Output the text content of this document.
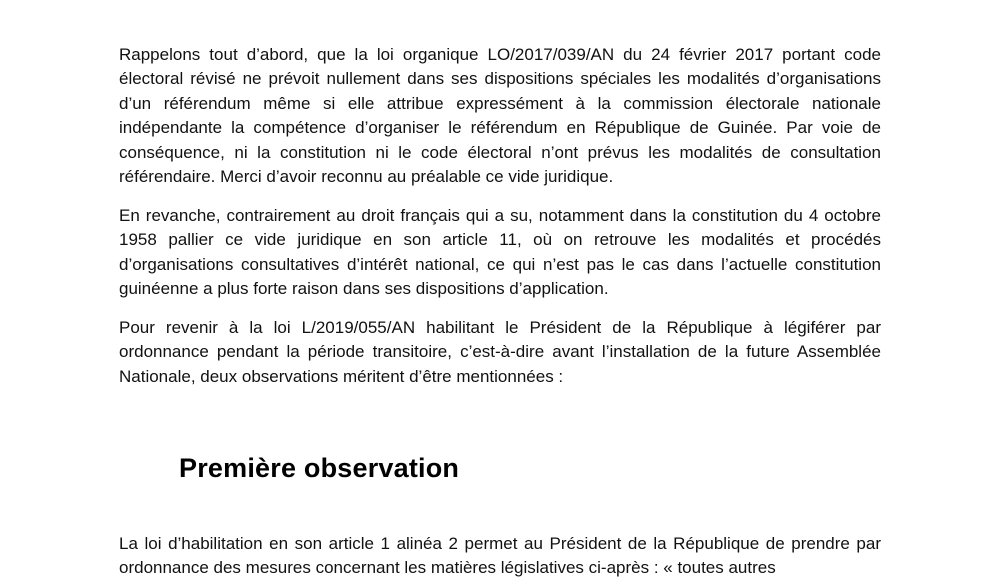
Rappelons tout d’abord, que la loi organique LO/2017/039/AN du 24 février 2017 portant code électoral révisé ne prévoit nullement dans ses dispositions spéciales les modalités d’organisations d’un référendum même si elle attribue expressément à la commission électorale nationale indépendante la compétence d’organiser le référendum en République de Guinée. Par voie de conséquence, ni la constitution ni le code électoral n’ont prévus les modalités de consultation référendaire. Merci d’avoir reconnu au préalable ce vide juridique.

En revanche, contrairement au droit français qui a su, notamment dans la constitution du 4 octobre 1958 pallier ce vide juridique en son article 11, où on retrouve les modalités et procédés d’organisations consultatives d’intérêt national, ce qui n’est pas le cas dans l’actuelle constitution guinéenne a plus forte raison dans ses dispositions d’application.

Pour revenir à la loi L/2019/055/AN habilitant le Président de la République à légiférer par ordonnance pendant la période transitoire, c’est-à-dire avant l’installation de la future Assemblée Nationale, deux observations méritent d’être mentionnées :

Première observation

La loi d’habilitation en son article 1 alinéa 2 permet au Président de la République de prendre par ordonnance des mesures concernant les matières législatives ci-après : « toutes autres
